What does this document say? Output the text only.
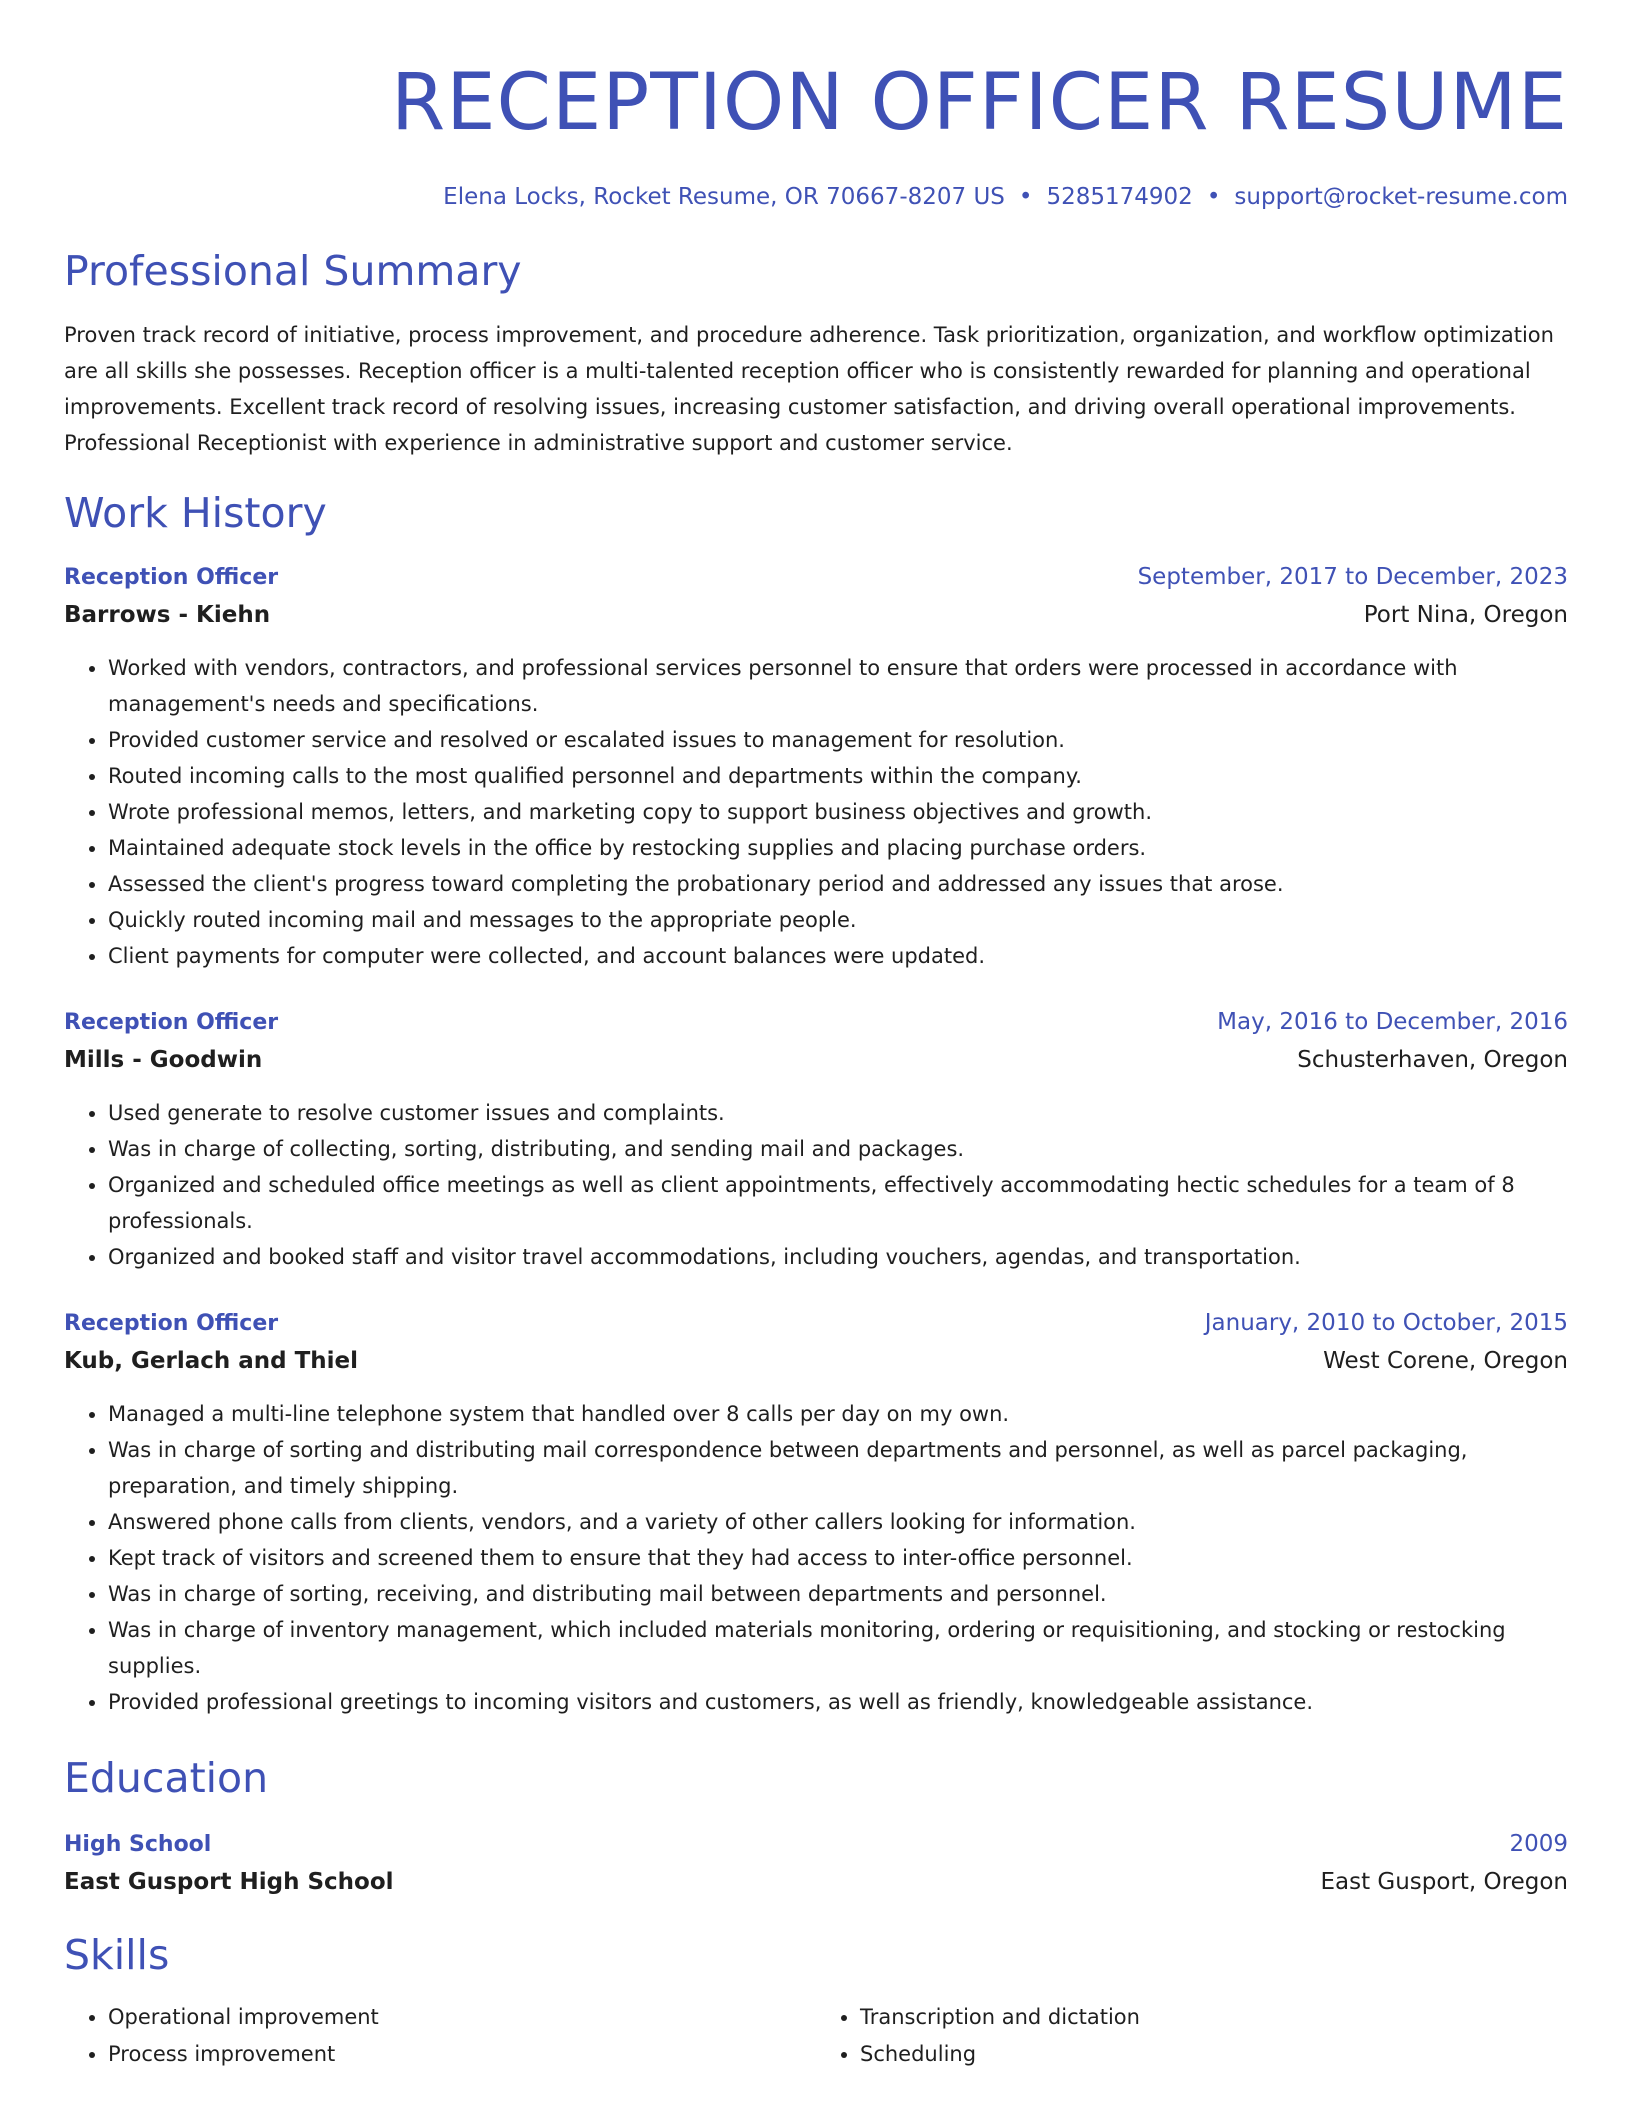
RECEPTION OFFICER RESUME
Elena Locks, Rocket Resume, OR 70667-8207 US • 5285174902 • support@rocket-resume.com
Professional Summary

Proven track record of initiative, process improvement, and procedure adherence. Task prioritization, organization, and workflow optimization are all skills she possesses. Reception officer is a multi-talented reception officer who is consistently rewarded for planning and operational improvements. Excellent track record of resolving issues, increasing customer satisfaction, and driving overall operational improvements. Professional Receptionist with experience in administrative support and customer service.

Work History
Reception Officer	September, 2017 to December, 2023
Barrows - Kiehn	Port Nina, Oregon
• Worked with vendors, contractors, and professional services personnel to ensure that orders were processed in accordance with management's needs and specifications.
• Provided customer service and resolved or escalated issues to management for resolution.
• Routed incoming calls to the most qualified personnel and departments within the company.
• Wrote professional memos, letters, and marketing copy to support business objectives and growth.
• Maintained adequate stock levels in the office by restocking supplies and placing purchase orders.
• Assessed the client's progress toward completing the probationary period and addressed any issues that arose.
• Quickly routed incoming mail and messages to the appropriate people.
• Client payments for computer were collected, and account balances were updated.
Reception Officer	May, 2016 to December, 2016
Mills - Goodwin	Schusterhaven, Oregon
• Used generate to resolve customer issues and complaints.
• Was in charge of collecting, sorting, distributing, and sending mail and packages.
• Organized and scheduled office meetings as well as client appointments, effectively accommodating hectic schedules for a team of 8 professionals.
• Organized and booked staff and visitor travel accommodations, including vouchers, agendas, and transportation.
Reception Officer	January, 2010 to October, 2015
Kub, Gerlach and Thiel	West Corene, Oregon
• Managed a multi-line telephone system that handled over 8 calls per day on my own.
• Was in charge of sorting and distributing mail correspondence between departments and personnel, as well as parcel packaging, preparation, and timely shipping.
• Answered phone calls from clients, vendors, and a variety of other callers looking for information.
• Kept track of visitors and screened them to ensure that they had access to inter-office personnel.
• Was in charge of sorting, receiving, and distributing mail between departments and personnel.
• Was in charge of inventory management, which included materials monitoring, ordering or requisitioning, and stocking or restocking supplies.
• Provided professional greetings to incoming visitors and customers, as well as friendly, knowledgeable assistance.
Education
High School	2009
East Gusport High School	East Gusport, Oregon
Skills
• Operational improvement
• Process improvement
• Transcription and dictation
• Scheduling
